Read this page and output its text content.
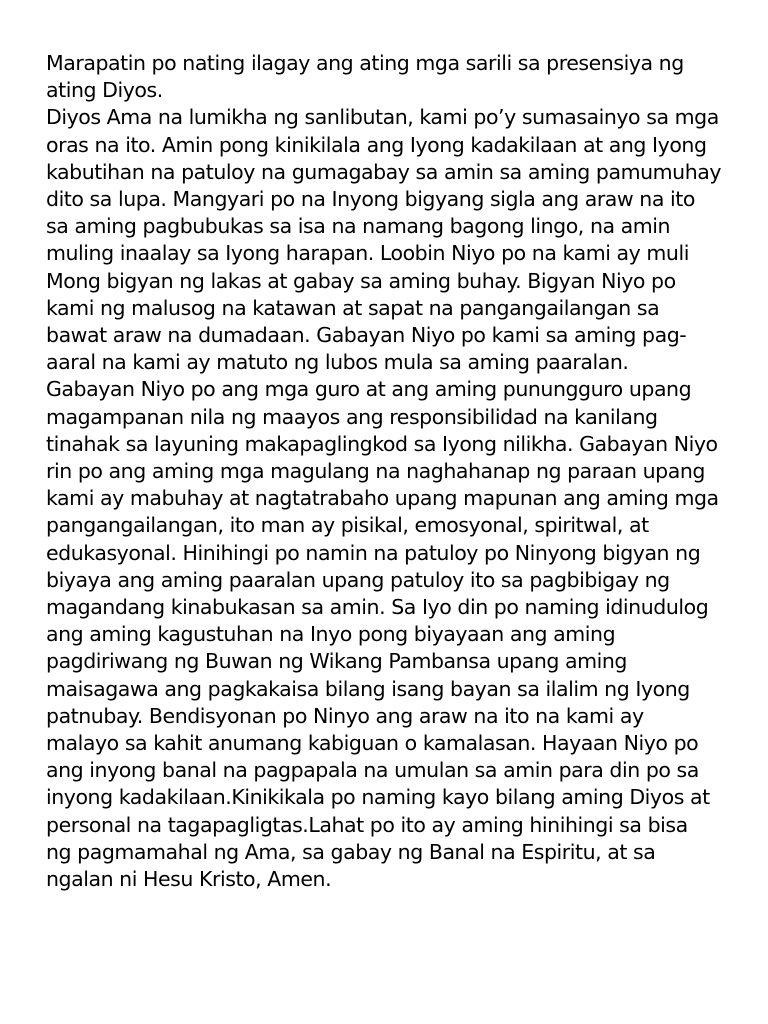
Marapatin po nating ilagay ang ating mga sarili sa presensiya ng
ating Diyos.
Diyos Ama na lumikha ng sanlibutan, kami po’y sumasainyo sa mga
oras na ito. Amin pong kinikilala ang Iyong kadakilaan at ang Iyong
kabutihan na patuloy na gumagabay sa amin sa aming pamumuhay
dito sa lupa. Mangyari po na Inyong bigyang sigla ang araw na ito
sa aming pagbubukas sa isa na namang bagong lingo, na amin
muling inaalay sa Iyong harapan. Loobin Niyo po na kami ay muli
Mong bigyan ng lakas at gabay sa aming buhay. Bigyan Niyo po
kami ng malusog na katawan at sapat na pangangailangan sa
bawat araw na dumadaan. Gabayan Niyo po kami sa aming pag-
aaral na kami ay matuto ng lubos mula sa aming paaralan.
Gabayan Niyo po ang mga guro at ang aming punungguro upang
magampanan nila ng maayos ang responsibilidad na kanilang
tinahak sa layuning makapaglingkod sa Iyong nilikha. Gabayan Niyo
rin po ang aming mga magulang na naghahanap ng paraan upang
kami ay mabuhay at nagtatrabaho upang mapunan ang aming mga
pangangailangan, ito man ay pisikal, emosyonal, spiritwal, at
edukasyonal. Hinihingi po namin na patuloy po Ninyong bigyan ng
biyaya ang aming paaralan upang patuloy ito sa pagbibigay ng
magandang kinabukasan sa amin. Sa Iyo din po naming idinudulog
ang aming kagustuhan na Inyo pong biyayaan ang aming
pagdiriwang ng Buwan ng Wikang Pambansa upang aming
maisagawa ang pagkakaisa bilang isang bayan sa ilalim ng Iyong
patnubay. Bendisyonan po Ninyo ang araw na ito na kami ay
malayo sa kahit anumang kabiguan o kamalasan. Hayaan Niyo po
ang inyong banal na pagpapala na umulan sa amin para din po sa
inyong kadakilaan.Kinikikala po naming kayo bilang aming Diyos at
personal na tagapagligtas.Lahat po ito ay aming hinihingi sa bisa
ng pagmamahal ng Ama, sa gabay ng Banal na Espiritu, at sa
ngalan ni Hesu Kristo, Amen.
